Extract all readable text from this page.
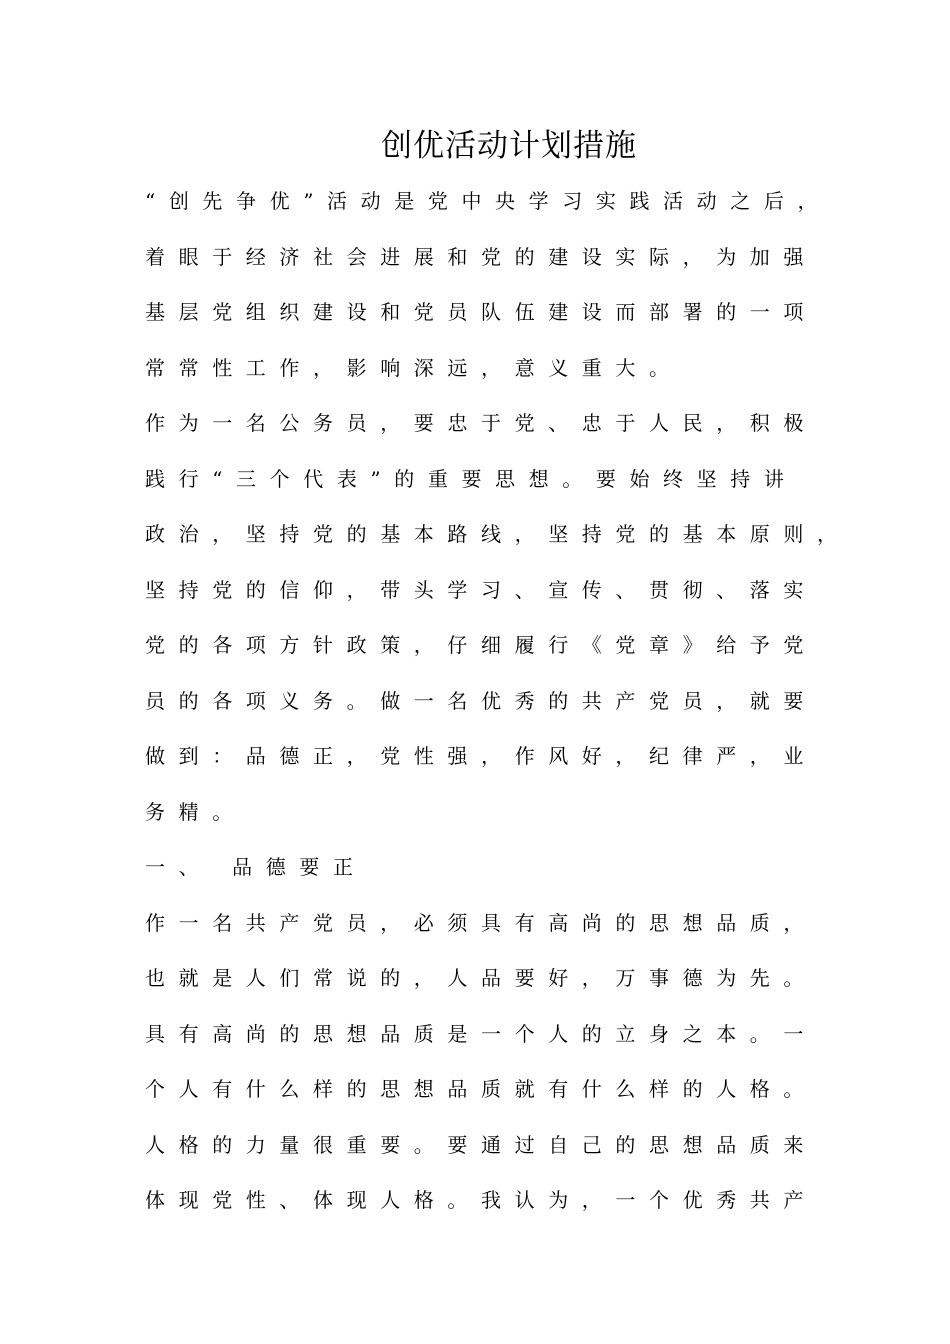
创优活动计划措施
“创先争优”活动是党中央学习实践活动之后，
着眼于经济社会进展和党的建设实际，为加强
基层党组织建设和党员队伍建设而部署的一项
常常性工作，影响深远，意义重大。
作为一名公务员，要忠于党、忠于人民，积极
践行“三个代表”的重要思想。要始终坚持讲
政治，坚持党的基本路线，坚持党的基本原则，
坚持党的信仰，带头学习、宣传、贯彻、落实
党的各项方针政策，仔细履行《党章》给予党
员的各项义务。做一名优秀的共产党员，就要
做到：品德正，党性强，作风好，纪律严，业
务精。
一、 品德要正
作一名共产党员，必须具有高尚的思想品质，
也就是人们常说的，人品要好，万事德为先。
具有高尚的思想品质是一个人的立身之本。一
个人有什么样的思想品质就有什么样的人格。
人格的力量很重要。要通过自己的思想品质来
体现党性、体现人格。我认为，一个优秀共产
